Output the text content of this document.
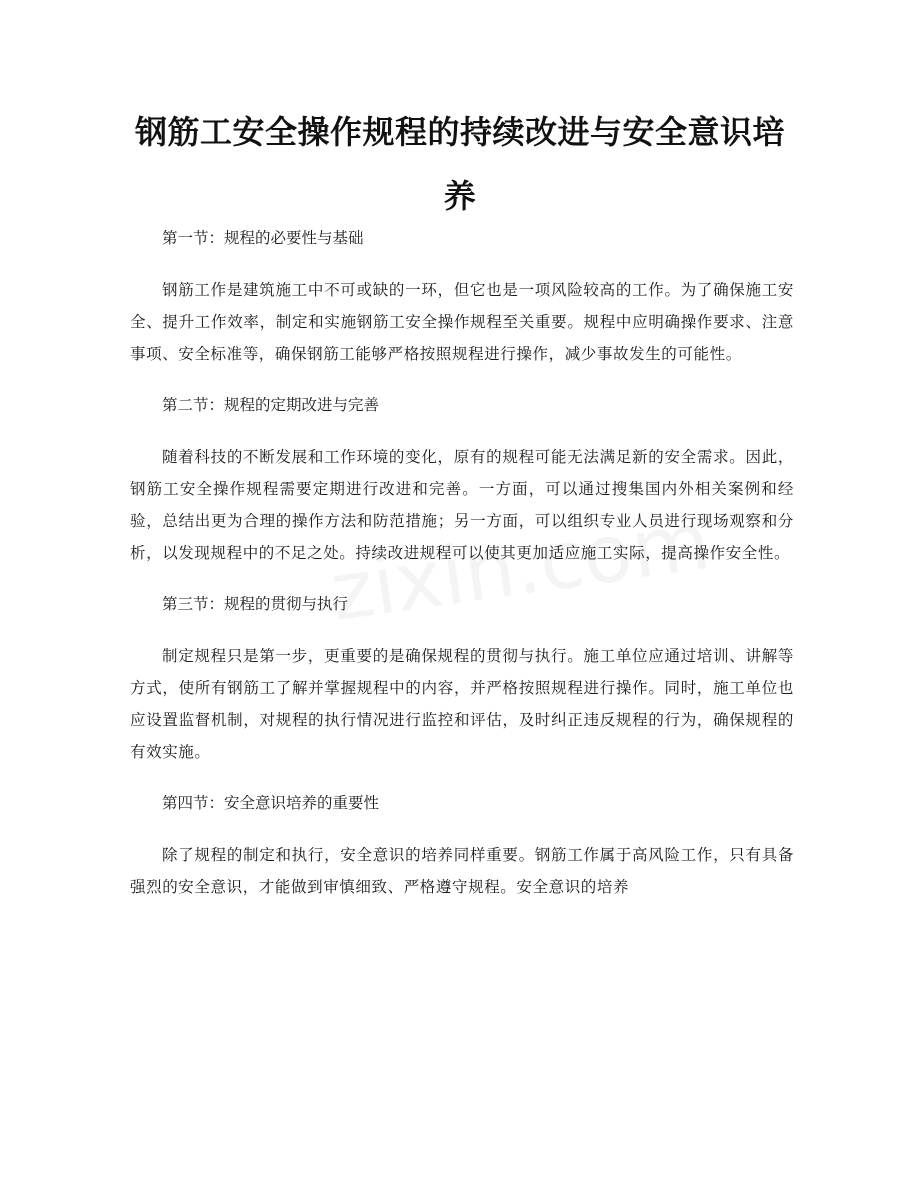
钢筋工安全操作规程的持续改进与安全意识培养

第一节：规程的必要性与基础

钢筋工作是建筑施工中不可或缺的一环，但它也是一项风险较高的工作。为了确保施工安全、提升工作效率，制定和实施钢筋工安全操作规程至关重要。规程中应明确操作要求、注意事项、安全标准等，确保钢筋工能够严格按照规程进行操作，减少事故发生的可能性。

第二节：规程的定期改进与完善

随着科技的不断发展和工作环境的变化，原有的规程可能无法满足新的安全需求。因此，钢筋工安全操作规程需要定期进行改进和完善。一方面，可以通过搜集国内外相关案例和经验，总结出更为合理的操作方法和防范措施；另一方面，可以组织专业人员进行现场观察和分析，以发现规程中的不足之处。持续改进规程可以使其更加适应施工实际，提高操作安全性。

第三节：规程的贯彻与执行

制定规程只是第一步，更重要的是确保规程的贯彻与执行。施工单位应通过培训、讲解等方式，使所有钢筋工了解并掌握规程中的内容，并严格按照规程进行操作。同时，施工单位也应设置监督机制，对规程的执行情况进行监控和评估，及时纠正违反规程的行为，确保规程的有效实施。

第四节：安全意识培养的重要性

除了规程的制定和执行，安全意识的培养同样重要。钢筋工作属于高风险工作，只有具备强烈的安全意识，才能做到审慎细致、严格遵守规程。安全意识的培养
